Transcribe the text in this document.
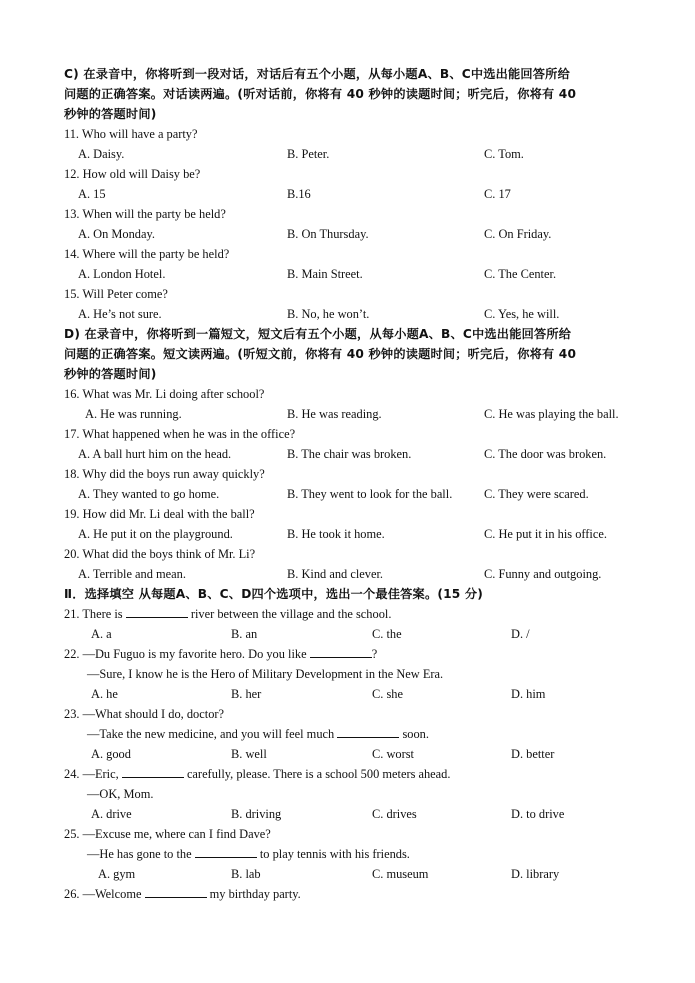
C) 在录音中，你将听到一段对话，对话后有五个小题，从每小题A、B、C中选出能回答所给
问题的正确答案。对话读两遍。(听对话前，你将有 40 秒钟的读题时间；听完后，你将有 40
秒钟的答题时间)
11. Who will have a party?
A. Daisy.	B. Peter.	C. Tom.
12. How old will Daisy be?
A. 15	B.16	C. 17
13. When will the party be held?
A. On Monday.	B. On Thursday.	C. On Friday.
14. Where will the party be held?
A. London Hotel.	B. Main Street.	C. The Center.
15. Will Peter come?
A. He’s not sure.	B. No, he won’t.	C. Yes, he will.
D) 在录音中，你将听到一篇短文，短文后有五个小题，从每小题A、B、C中选出能回答所给
问题的正确答案。短文读两遍。(听短文前，你将有 40 秒钟的读题时间；听完后，你将有 40
秒钟的答题时间)
16. What was Mr. Li doing after school?
A. He was running.	B. He was reading.	C. He was playing the ball.
17. What happened when he was in the office?
A. A ball hurt him on the head.	B. The chair was broken.	C. The door was broken.
18. Why did the boys run away quickly?
A. They wanted to go home.	B. They went to look for the ball.	C. They were scared.
19. How did Mr. Li deal with the ball?
A. He put it on the playground.	B. He took it home.	C. He put it in his office.
20. What did the boys think of Mr. Li?
A. Terrible and mean.	B. Kind and clever.	C. Funny and outgoing.
Ⅱ．选择填空 从每题A、B、C、D四个选项中，选出一个最佳答案。(15 分)
21. There is	river between the village and the school.
A. a	B. an	C. the	D. /
22. —Du Fuguo is my favorite hero. Do you like	?
—Sure, I know he is the Hero of Military Development in the New Era.
A. he	B. her	C. she	D. him
23. —What should I do, doctor?
—Take the new medicine, and you will feel much	soon.
A. good	B. well	C. worst	D. better
24. —Eric,	carefully, please. There is a school 500 meters ahead.
—OK, Mom.
A. drive	B. driving	C. drives	D. to drive
25. —Excuse me, where can I find Dave?
—He has gone to the	to play tennis with his friends.
A. gym	B. lab	C. museum	D. library
26. —Welcome	my birthday party.
